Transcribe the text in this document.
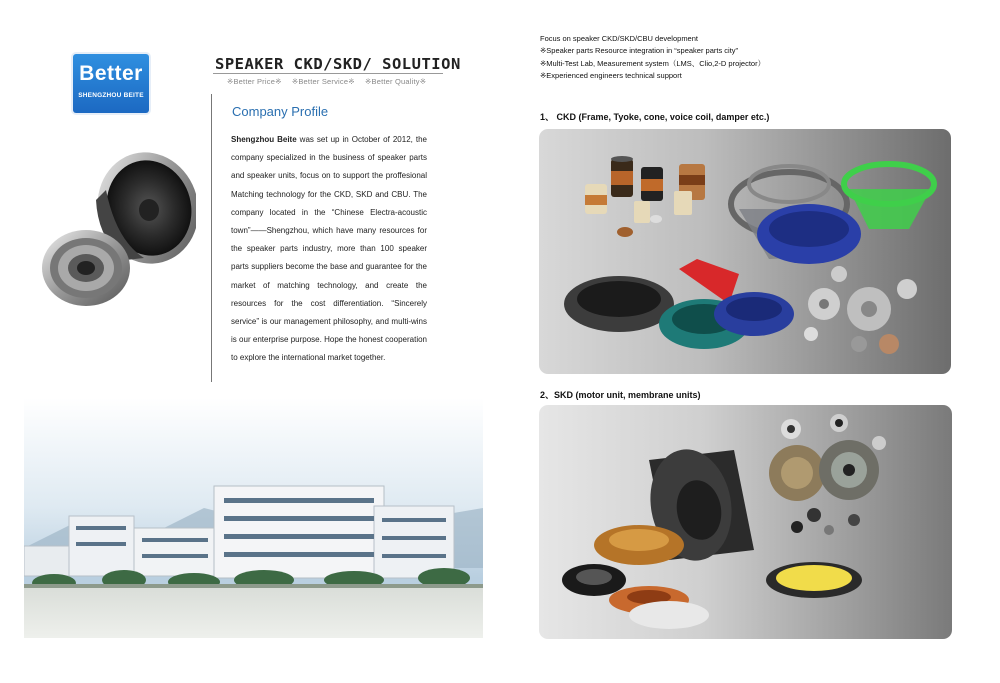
Better
SHENGZHOU BEITE
SPEAKER CKD/SKD/ SOLUTION
※Better Price※ ※Better Service※ ※Better Quality※
Company Profile
Shengzhou Beite was set up in October of 2012, the company specialized in the business of speaker parts and speaker units, focus on to support the proffesional Matching technology for the CKD, SKD and CBU. The company located in the “Chinese Electra-acoustic town”——Shengzhou, which have many resources for the speaker parts industry, more than 100 speaker parts suppliers become the base and guarantee for the market of matching technology, and create the resources for the cost differentiation. “Sincerely service” is our management philosophy, and multi-wins is our enterprise purpose. Hope the honest cooperation to explore the international market together.
Focus on speaker CKD/SKD/CBU development
※Speaker parts Resource integration in “speaker parts city”
※Multi-Test Lab, Measurement system（LMS、Clio,2-D projector）
※Experienced engineers technical support
1、 CKD (Frame, Tyoke, cone, voice coil, damper etc.)
2、SKD (motor unit, membrane units)
